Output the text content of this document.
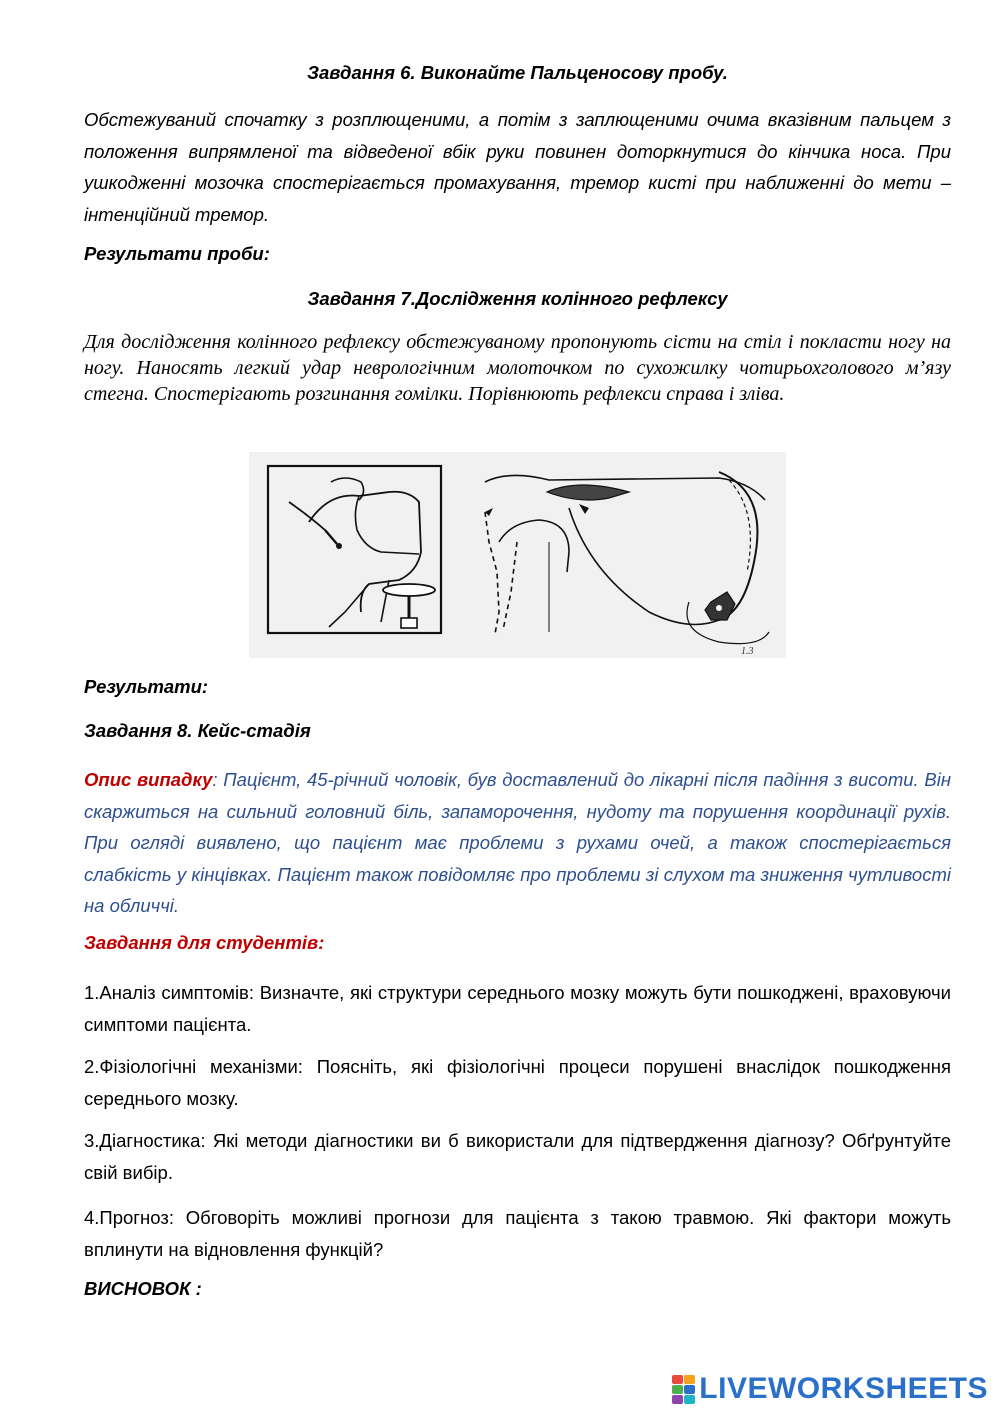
Завдання 6. Виконайте Пальценосову пробу.
Обстежуваний спочатку з розплющеними, а потім з заплющеними очима вказівним пальцем з положення випрямленої та відведеної вбік руки повинен доторкнутися до кінчика носа. При ушкодженні мозочка спостерігається промахування, тремор кисті при наближенні до мети – інтенційний тремор.
Результати проби:
Завдання 7.Дослідження колінного рефлексу
Для дослідження колінного рефлексу обстежуваному пропонують сісти на стіл і покласти ногу на ногу. Наносять легкий удар неврологічним молоточком по сухожилку чотирьохголового м’язу стегна. Спостерігають розгинання гомілки. Порівнюють рефлекси справа і зліва.
1.3
Результати:
Завдання 8. Кейс-стадія
Опис випадку: Пацієнт, 45-річний чоловік, був доставлений до лікарні після падіння з висоти. Він скаржиться на сильний головний біль, запаморочення, нудоту та порушення координації рухів. При огляді виявлено, що пацієнт має проблеми з рухами очей, а також спостерігається слабкість у кінцівках. Пацієнт також повідомляє про проблеми зі слухом та зниження чутливості на обличчі.
Завдання для студентів:
1.Аналіз симптомів: Визначте, які структури середнього мозку можуть бути пошкоджені, враховуючи симптоми пацієнта.
2.Фізіологічні механізми: Поясніть, які фізіологічні процеси порушені внаслідок пошкодження середнього мозку.
3.Діагностика: Які методи діагностики ви б використали для підтвердження діагнозу? Обґрунтуйте свій вибір.
4.Прогноз: Обговоріть можливі прогнози для пацієнта з такою травмою. Які фактори можуть вплинути на відновлення функцій?
ВИСНОВОК :
LIVEWORKSHEETS
